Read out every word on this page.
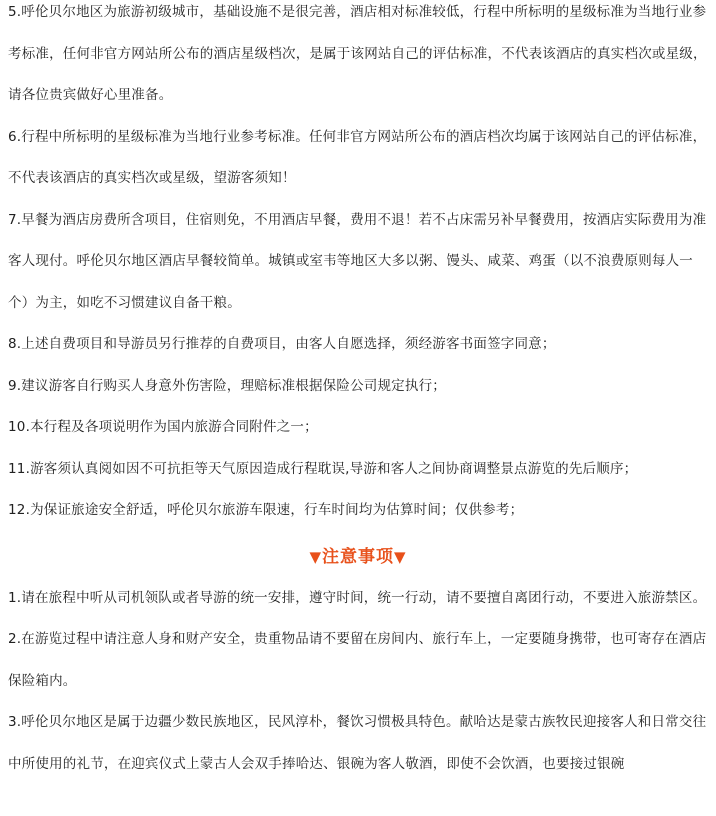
5.呼伦贝尔地区为旅游初级城市，基础设施不是很完善，酒店相对标准较低，行程中所标明的星级标准为当地行业参考标准，任何非官方网站所公布的酒店星级档次，是属于该网站自己的评估标准，不代表该酒店的真实档次或星级，请各位贵宾做好心里准备。

6.行程中所标明的星级标准为当地行业参考标准。任何非官方网站所公布的酒店档次均属于该网站自己的评估标准，不代表该酒店的真实档次或星级，望游客须知！

7.早餐为酒店房费所含项目，住宿则免，不用酒店早餐，费用不退！若不占床需另补早餐费用，按酒店实际费用为准客人现付。呼伦贝尔地区酒店早餐较简单。城镇或室韦等地区大多以粥、馒头、咸菜、鸡蛋（以不浪费原则每人一个）为主，如吃不习惯建议自备干粮。

8.上述自费项目和导游员另行推荐的自费项目，由客人自愿选择，须经游客书面签字同意；

9.建议游客自行购买人身意外伤害险，理赔标准根据保险公司规定执行；

10.本行程及各项说明作为国内旅游合同附件之一；

11.游客须认真阅如因不可抗拒等天气原因造成行程耽误,导游和客人之间协商调整景点游览的先后顺序；

12.为保证旅途安全舒适，呼伦贝尔旅游车限速，行车时间均为估算时间；仅供参考；

▼注意事项▼

1.请在旅程中听从司机领队或者导游的统一安排，遵守时间，统一行动，请不要擅自离团行动，不要进入旅游禁区。

2.在游览过程中请注意人身和财产安全，贵重物品请不要留在房间内、旅行车上，一定要随身携带，也可寄存在酒店保险箱内。

3.呼伦贝尔地区是属于边疆少数民族地区，民风淳朴，餐饮习惯极具特色。献哈达是蒙古族牧民迎接客人和日常交往中所使用的礼节，在迎宾仪式上蒙古人会双手捧哈达、银碗为客人敬酒，即使不会饮酒，也要接过银碗
